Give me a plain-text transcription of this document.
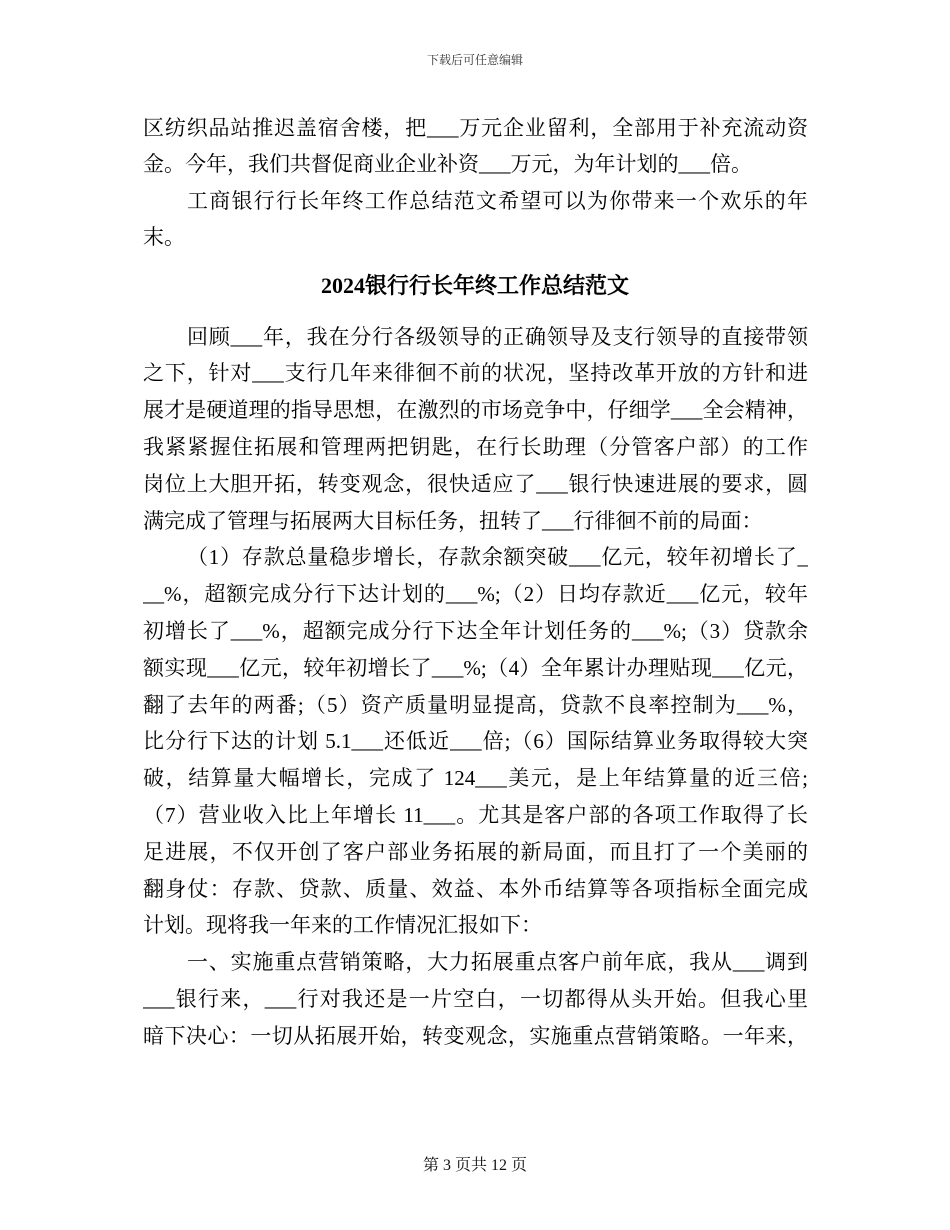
下载后可任意编辑
区纺织品站推迟盖宿舍楼，把___万元企业留利，全部用于补充流动资
金。今年，我们共督促商业企业补资___万元，为年计划的___倍。
工商银行行长年终工作总结范文希望可以为你带来一个欢乐的年
末。
2024银行行长年终工作总结范文
回顾___年，我在分行各级领导的正确领导及支行领导的直接带领
之下，针对___支行几年来徘徊不前的状况，坚持改革开放的方针和进
展才是硬道理的指导思想，在激烈的市场竞争中，仔细学___全会精神，
我紧紧握住拓展和管理两把钥匙，在行长助理（分管客户部）的工作
岗位上大胆开拓，转变观念，很快适应了___银行快速进展的要求，圆
满完成了管理与拓展两大目标任务，扭转了___行徘徊不前的局面：
（1）存款总量稳步增长，存款余额突破___亿元，较年初增长了_
__%，超额完成分行下达计划的___%;（2）日均存款近___亿元，较年
初增长了___%，超额完成分行下达全年计划任务的___%;（3）贷款余
额实现___亿元，较年初增长了___%;（4）全年累计办理贴现___亿元，
翻了去年的两番;（5）资产质量明显提高，贷款不良率控制为___%，
比分行下达的计划 5.1___还低近___倍;（6）国际结算业务取得较大突
破，结算量大幅增长，完成了 124___美元，是上年结算量的近三倍;
（7）营业收入比上年增长 11___。尤其是客户部的各项工作取得了长
足进展，不仅开创了客户部业务拓展的新局面，而且打了一个美丽的
翻身仗：存款、贷款、质量、效益、本外币结算等各项指标全面完成
计划。现将我一年来的工作情况汇报如下：
一、实施重点营销策略，大力拓展重点客户前年底，我从___调到
___银行来，___行对我还是一片空白，一切都得从头开始。但我心里
暗下决心：一切从拓展开始，转变观念，实施重点营销策略。一年来，
第 3 页共 12 页
